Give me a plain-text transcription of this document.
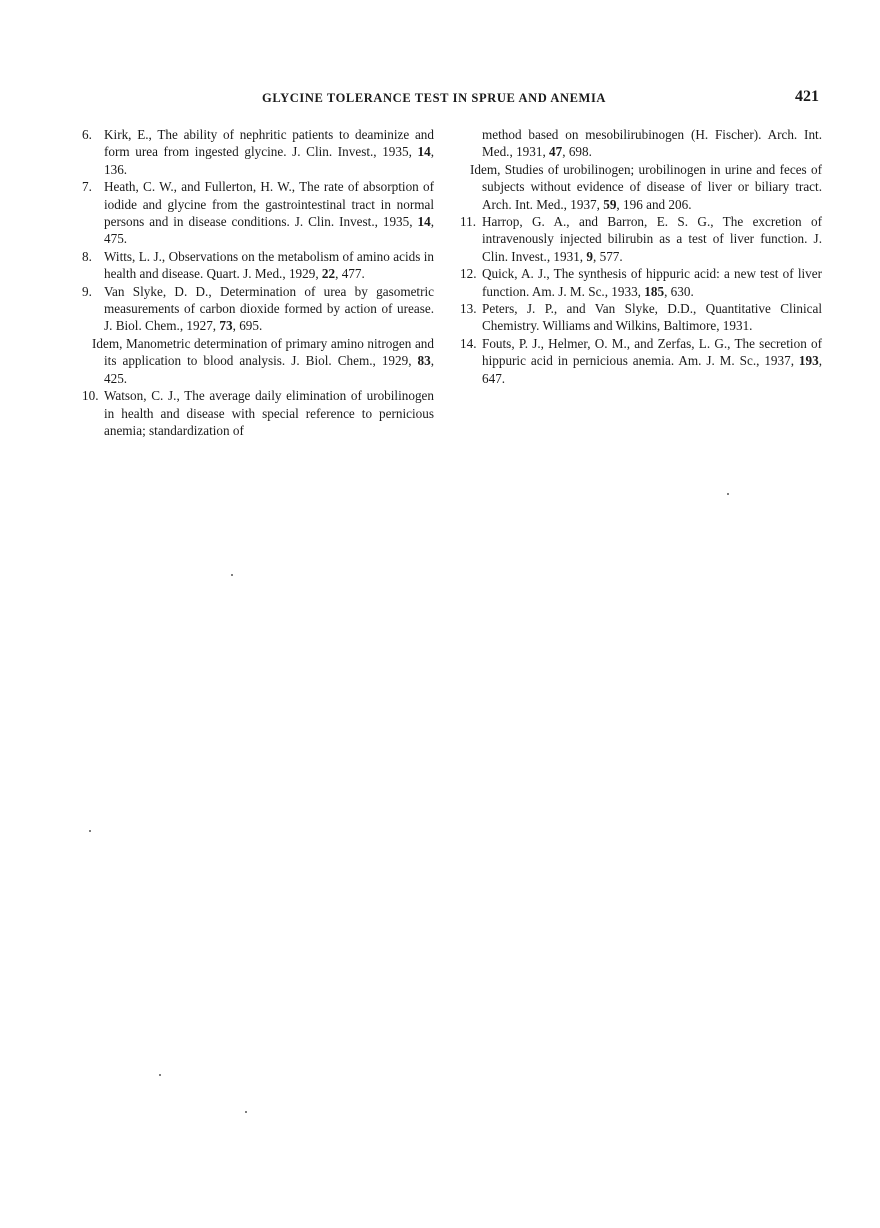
GLYCINE TOLERANCE TEST IN SPRUE AND ANEMIA	421

6. Kirk, E., The ability of nephritic patients to deaminize and form urea from ingested glycine. J. Clin. Invest., 1935, 14, 136.

7. Heath, C. W., and Fullerton, H. W., The rate of absorption of iodide and glycine from the gastrointestinal tract in normal persons and in disease conditions. J. Clin. Invest., 1935, 14, 475.

8. Witts, L. J., Observations on the metabolism of amino acids in health and disease. Quart. J. Med., 1929, 22, 477.

9. Van Slyke, D. D., Determination of urea by gasometric measurements of carbon dioxide formed by action of urease. J. Biol. Chem., 1927, 73, 695.

Idem, Manometric determination of primary amino nitrogen and its application to blood analysis. J. Biol. Chem., 1929, 83, 425.

10. Watson, C. J., The average daily elimination of urobilinogen in health and disease with special reference to pernicious anemia; standardization of

method based on mesobilirubinogen (H. Fischer). Arch. Int. Med., 1931, 47, 698.

Idem, Studies of urobilinogen; urobilinogen in urine and feces of subjects without evidence of disease of liver or biliary tract. Arch. Int. Med., 1937, 59, 196 and 206.

11. Harrop, G. A., and Barron, E. S. G., The excretion of intravenously injected bilirubin as a test of liver function. J. Clin. Invest., 1931, 9, 577.

12. Quick, A. J., The synthesis of hippuric acid: a new test of liver function. Am. J. M. Sc., 1933, 185, 630.

13. Peters, J. P., and Van Slyke, D.D., Quantitative Clinical Chemistry. Williams and Wilkins, Baltimore, 1931.

14. Fouts, P. J., Helmer, O. M., and Zerfas, L. G., The secretion of hippuric acid in pernicious anemia. Am. J. M. Sc., 1937, 193, 647.
